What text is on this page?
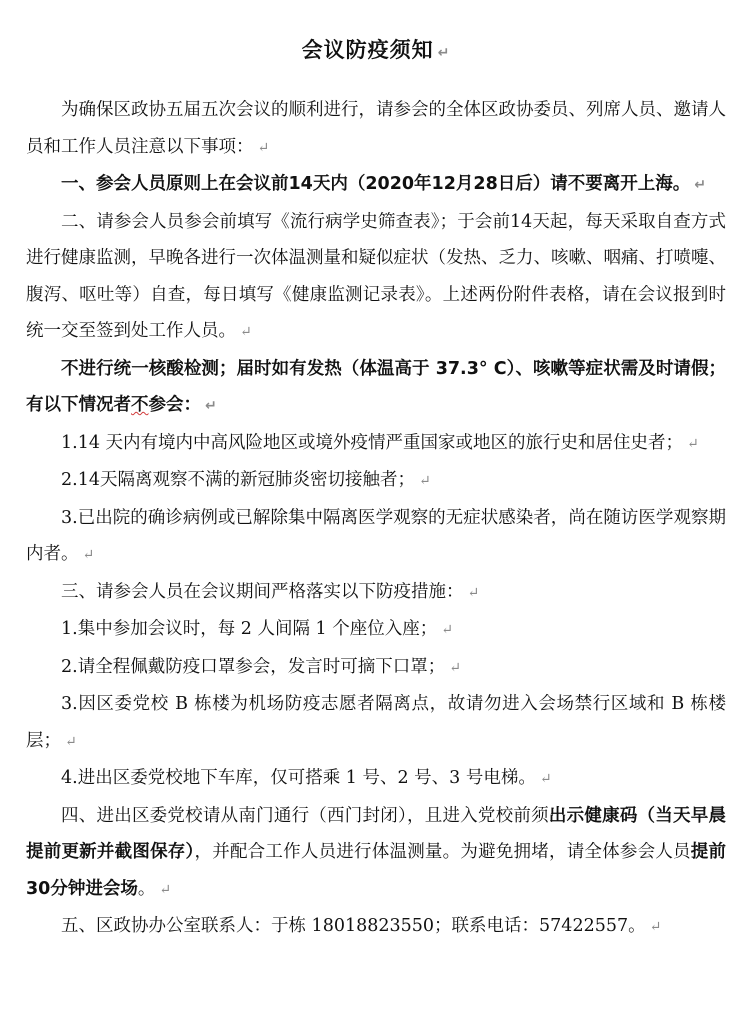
会议防疫须知 ↵

为确保区政协五届五次会议的顺利进行，请参会的全体区政协委员、列席人员、邀请人员和工作人员注意以下事项： ↵

一、参会人员原则上在会议前14天内（2020年12月28日后）请不要离开上海。 ↵

二、请参会人员参会前填写《流行病学史筛查表》；于会前14天起，每天采取自查方式进行健康监测，早晚各进行一次体温测量和疑似症状（发热、乏力、咳嗽、咽痛、打喷嚏、腹泻、呕吐等）自查，每日填写《健康监测记录表》。上述两份附件表格，请在会议报到时统一交至签到处工作人员。 ↵

不进行统一核酸检测；届时如有发热（体温高于 37.3° C）、咳嗽等症状需及时请假；有以下情况者不参会： ↵

1.14 天内有境内中高风险地区或境外疫情严重国家或地区的旅行史和居住史者； ↵

2.14天隔离观察不满的新冠肺炎密切接触者； ↵

3.已出院的确诊病例或已解除集中隔离医学观察的无症状感染者，尚在随访医学观察期内者。 ↵

三、请参会人员在会议期间严格落实以下防疫措施： ↵

1.集中参加会议时，每 2 人间隔 1 个座位入座； ↵

2.请全程佩戴防疫口罩参会，发言时可摘下口罩； ↵

3.因区委党校 B 栋楼为机场防疫志愿者隔离点，故请勿进入会场禁行区域和 B 栋楼层； ↵

4.进出区委党校地下车库，仅可搭乘 1 号、2 号、3 号电梯。 ↵

四、进出区委党校请从南门通行（西门封闭），且进入党校前须出示健康码（当天早晨提前更新并截图保存），并配合工作人员进行体温测量。为避免拥堵，请全体参会人员提前30分钟进会场。 ↵

五、区政协办公室联系人：于栋 18018823550；联系电话：57422557。 ↵
